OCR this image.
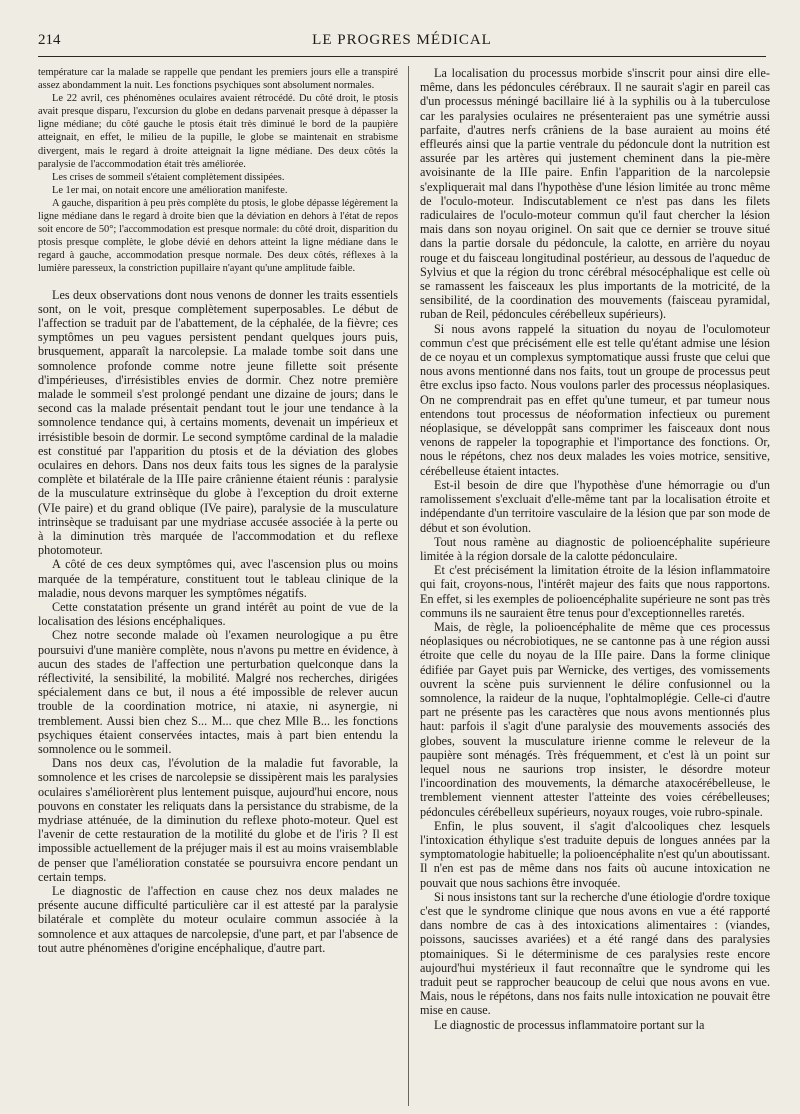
214	LE PROGRES MÉDICAL

température car la malade se rappelle que pendant les premiers jours elle a transpiré assez abondamment la nuit. Les fonctions psychiques sont absolument normales.

Le 22 avril, ces phénomènes oculaires avaient rétrocédé. Du côté droit, le ptosis avait presque disparu, l'excursion du globe en dedans parvenait presque à dépasser la ligne médiane; du côté gauche le ptosis était très diminué le bord de la paupière atteignait, en effet, le milieu de la pupille, le globe se maintenait en strabisme divergent, mais le regard à droite atteignait la ligne médiane. Des deux côtés la paralysie de l'accommodation était très améliorée.

Les crises de sommeil s'étaient complètement dissipées.

Le 1er mai, on notait encore une amélioration manifeste.

A gauche, disparition à peu près complète du ptosis, le globe dépasse légèrement la ligne médiane dans le regard à droite bien que la déviation en dehors à l'état de repos soit encore de 50°; l'accommodation est presque normale: du côté droit, disparition du ptosis presque complète, le globe dévié en dehors atteint la ligne médiane dans le regard à gauche, accommodation presque normale. Des deux côtés, réflexes à la lumière paresseux, la constriction pupillaire n'ayant qu'une amplitude faible.

Les deux observations dont nous venons de donner les traits essentiels sont, on le voit, presque complètement superposables. Le début de l'affection se traduit par de l'abattement, de la céphalée, de la fièvre; ces symptômes un peu vagues persistent pendant quelques jours puis, brusquement, apparaît la narcolepsie. La malade tombe soit dans une somnolence profonde comme notre jeune fillette soit présente d'impérieuses, d'irrésistibles envies de dormir. Chez notre première malade le sommeil s'est prolongé pendant une dizaine de jours; dans le second cas la malade présentait pendant tout le jour une tendance à la somnolence tendance qui, à certains moments, devenait un impérieux et irrésistible besoin de dormir. Le second symptôme cardinal de la maladie est constitué par l'apparition du ptosis et de la déviation des globes oculaires en dehors. Dans nos deux faits tous les signes de la paralysie complète et bilatérale de la IIIe paire crânienne étaient réunis : paralysie de la musculature extrinsèque du globe à l'exception du droit externe (VIe paire) et du grand oblique (IVe paire), paralysie de la musculature intrinsèque se traduisant par une mydriase accusée associée à la perte ou à la diminution très marquée de l'accommodation et du reflexe photomoteur.

A côté de ces deux symptômes qui, avec l'ascension plus ou moins marquée de la température, constituent tout le tableau clinique de la maladie, nous devons marquer les symptômes négatifs.

Cette constatation présente un grand intérêt au point de vue de la localisation des lésions encéphaliques.

Chez notre seconde malade où l'examen neurologique a pu être poursuivi d'une manière complète, nous n'avons pu mettre en évidence, à aucun des stades de l'affection une perturbation quelconque dans la réflectivité, la sensibilité, la mobilité. Malgré nos recherches, dirigées spécialement dans ce but, il nous a été impossible de relever aucun trouble de la coordination motrice, ni ataxie, ni asynergie, ni tremblement. Aussi bien chez S... M... que chez Mlle B... les fonctions psychiques étaient conservées intactes, mais à part bien entendu la somnolence ou le sommeil.

Dans nos deux cas, l'évolution de la maladie fut favorable, la somnolence et les crises de narcolepsie se dissipèrent mais les paralysies oculaires s'améliorèrent plus lentement puisque, aujourd'hui encore, nous pouvons en constater les reliquats dans la persistance du strabisme, de la mydriase atténuée, de la diminution du reflexe photo-moteur. Quel est l'avenir de cette restauration de la motilité du globe et de l'iris ? Il est impossible actuellement de la préjuger mais il est au moins vraisemblable de penser que l'amélioration constatée se poursuivra encore pendant un certain temps.

Le diagnostic de l'affection en cause chez nos deux malades ne présente aucune difficulté particulière car il est attesté par la paralysie bilatérale et complète du moteur oculaire commun associée à la somnolence et aux attaques de narcolepsie, d'une part, et par l'absence de tout autre phénomènes d'origine encéphalique, d'autre part.

La localisation du processus morbide s'inscrit pour ainsi dire elle-même, dans les pédoncules cérébraux. Il ne saurait s'agir en pareil cas d'un processus méningé bacillaire lié à la syphilis ou à la tuberculose car les paralysies oculaires ne présenteraient pas une symétrie aussi parfaite, d'autres nerfs crâniens de la base auraient au moins été effleurés ainsi que la partie ventrale du pédoncule dont la nutrition est assurée par les artères qui justement cheminent dans la pie-mère avoisinante de la IIIe paire. Enfin l'apparition de la narcolepsie s'expliquerait mal dans l'hypothèse d'une lésion limitée au tronc même de l'oculo-moteur. Indiscutablement ce n'est pas dans les filets radiculaires de l'oculo-moteur commun qu'il faut chercher la lésion mais dans son noyau originel. On sait que ce dernier se trouve situé dans la partie dorsale du pédoncule, la calotte, en arrière du noyau rouge et du faisceau longitudinal postérieur, au dessous de l'aqueduc de Sylvius et que la région du tronc cérébral mésocéphalique est celle où se ramassent les faisceaux les plus importants de la motricité, de la sensibilité, de la coordination des mouvements (faisceau pyramidal, ruban de Reil, pédoncules cérébelleux supérieurs).

Si nous avons rappelé la situation du noyau de l'oculomoteur commun c'est que précisément elle est telle qu'étant admise une lésion de ce noyau et un complexus symptomatique aussi fruste que celui que nous avons mentionné dans nos faits, tout un groupe de processus peut être exclus ipso facto. Nous voulons parler des processus néoplasiques. On ne comprendrait pas en effet qu'une tumeur, et par tumeur nous entendons tout processus de néoformation infectieux ou purement néoplasique, se développât sans comprimer les faisceaux dont nous venons de rappeler la topographie et l'importance des fonctions. Or, nous le répétons, chez nos deux malades les voies motrice, sensitive, cérébelleuse étaient intactes.

Est-il besoin de dire que l'hypothèse d'une hémorragie ou d'un ramolissement s'excluait d'elle-même tant par la localisation étroite et indépendante d'un territoire vasculaire de la lésion que par son mode de début et son évolution.

Tout nous ramène au diagnostic de polioencéphalite supérieure limitée à la région dorsale de la calotte pédonculaire.

Et c'est précisément la limitation étroite de la lésion inflammatoire qui fait, croyons-nous, l'intérêt majeur des faits que nous rapportons. En effet, si les exemples de polioencéphalite supérieure ne sont pas très communs ils ne sauraient être tenus pour d'exceptionnelles raretés.

Mais, de règle, la polioencéphalite de même que ces processus néoplasiques ou nécrobiotiques, ne se cantonne pas à une région aussi étroite que celle du noyau de la IIIe paire. Dans la forme clinique édifiée par Gayet puis par Wernicke, des vertiges, des vomissements ouvrent la scène puis surviennent le délire confusionnel ou la somnolence, la raideur de la nuque, l'ophtalmoplégie. Celle-ci d'autre part ne présente pas les caractères que nous avons mentionnés plus haut: parfois il s'agit d'une paralysie des mouvements associés des globes, souvent la musculature irienne comme le releveur de la paupière sont ménagés. Très fréquemment, et c'est là un point sur lequel nous ne saurions trop insister, le désordre moteur l'incoordination des mouvements, la démarche ataxocérébelleuse, le tremblement viennent attester l'atteinte des voies cérébelleuses; pédoncules cérébelleux supérieurs, noyaux rouges, voie rubro-spinale.

Enfin, le plus souvent, il s'agit d'alcooliques chez lesquels l'intoxication éthylique s'est traduite depuis de longues années par la symptomatologie habituelle; la polioencéphalite n'est qu'un aboutissant. Il n'en est pas de même dans nos faits où aucune intoxication ne pouvait que nous sachions être invoquée.

Si nous insistons tant sur la recherche d'une étiologie d'ordre toxique c'est que le syndrome clinique que nous avons en vue a été rapporté dans nombre de cas à des intoxications alimentaires : (viandes, poissons, saucisses avariées) et a été rangé dans des paralysies ptomainiques. Si le déterminisme de ces paralysies reste encore aujourd'hui mystérieux il faut reconnaître que le syndrome qui les traduit peut se rapprocher beaucoup de celui que nous avons en vue. Mais, nous le répétons, dans nos faits nulle intoxication ne pouvait être mise en cause.

Le diagnostic de processus inflammatoire portant sur la
